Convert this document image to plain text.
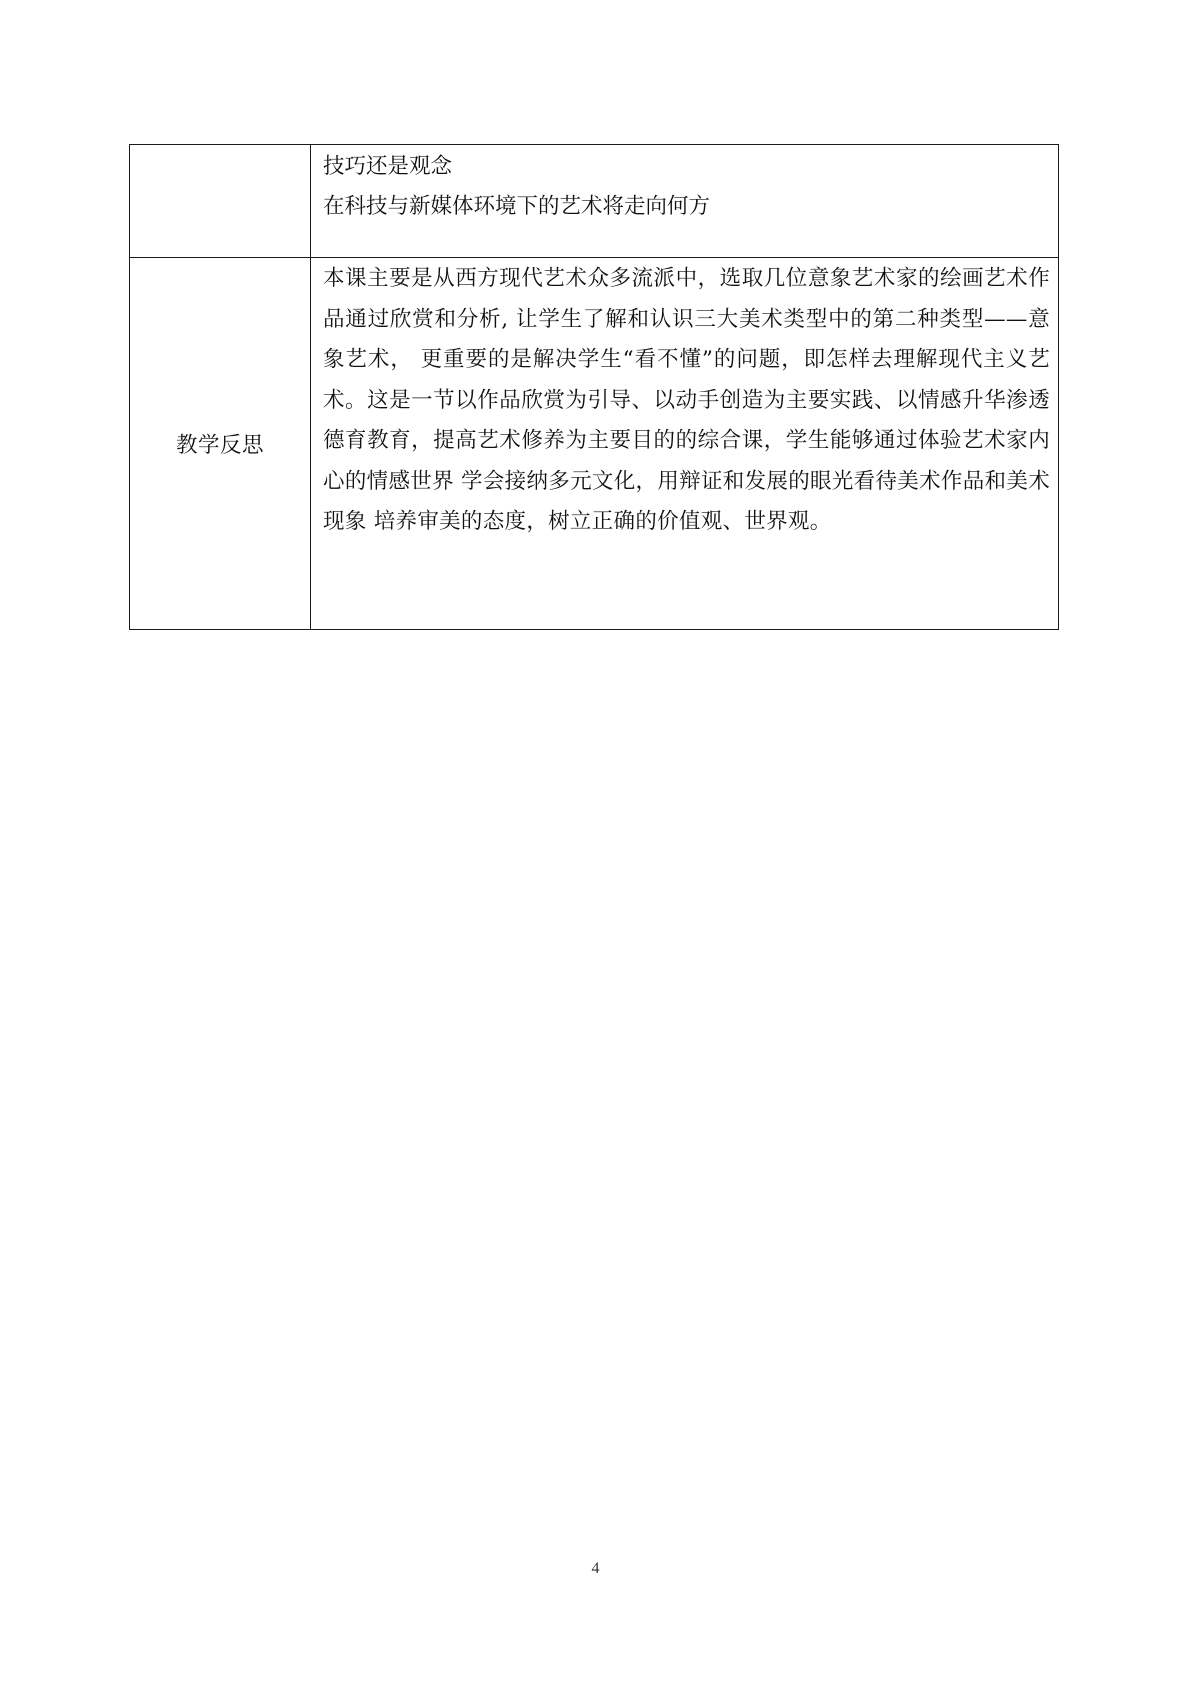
	技巧还是观念
在科技与新媒体环境下的艺术将走向何方

教学反思	本课主要是从西方现代艺术众多流派中，选取几位意象艺术家的绘画艺术作品通过欣赏和分析, 让学生了解和认识三大美术类型中的第二种类型——意象艺术， 更重要的是解决学生“看不懂”的问题，即怎样去理解现代主义艺术。这是一节以作品欣赏为引导、以动手创造为主要实践、以情感升华渗透德育教育，提高艺术修养为主要目的的综合课，学生能够通过体验艺术家内心的情感世界 学会接纳多元文化，用辩证和发展的眼光看待美术作品和美术现象 培养审美的态度，树立正确的价值观、世界观。
4
